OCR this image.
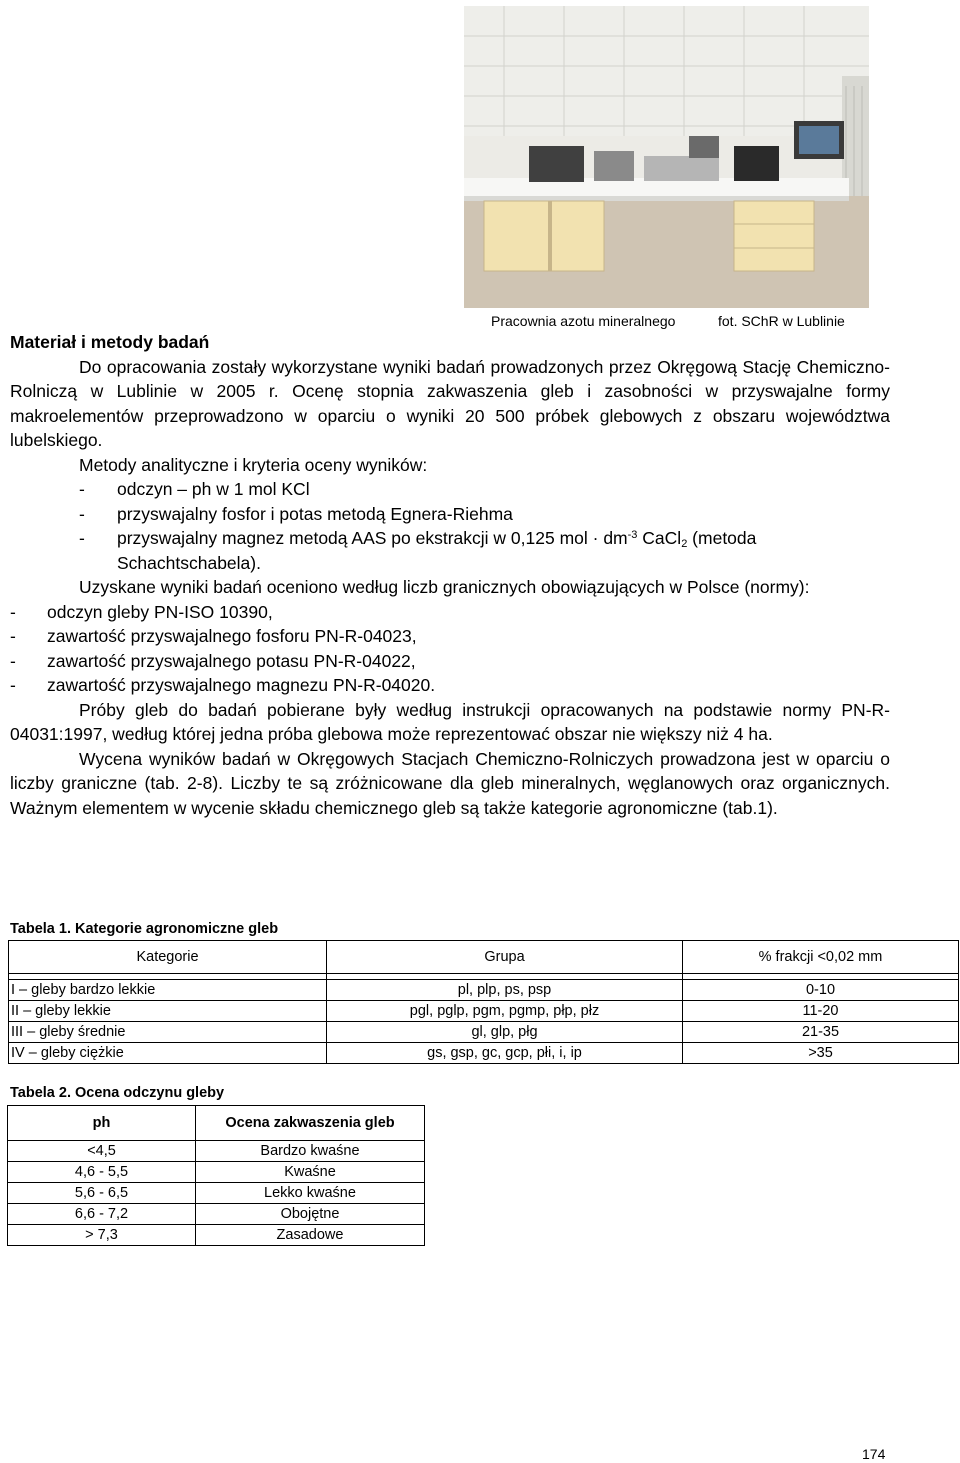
Pracownia azotu mineralnego	fot. SChR w Lublinie
Materiał i metody badań

Do opracowania zostały wykorzystane wyniki badań prowadzonych przez Okręgową Stację Chemiczno-Rolniczą w Lublinie w 2005 r. Ocenę stopnia zakwaszenia gleb i zasobności w przyswajalne formy makroelementów przeprowadzono w oparciu o wyniki 20 500 próbek glebowych z obszaru województwa lubelskiego.

Metody analityczne i kryteria oceny wyników:
-	odczyn – ph w 1 mol KCl
-	przyswajalny fosfor i potas metodą Egnera-Riehma
-	przyswajalny magnez metodą AAS po ekstrakcji w 0,125 mol · $dm^{-3}$ CaCl$_2$ (metoda Schachtschabela).

Uzyskane wyniki badań oceniono według liczb granicznych obowiązujących w Polsce (normy):

-	odczyn gleby PN-ISO 10390,
-	zawartość przyswajalnego fosforu PN-R-04023,
-	zawartość przyswajalnego potasu PN-R-04022,
-	zawartość przyswajalnego magnezu PN-R-04020.

Próby gleb do badań pobierane były według instrukcji opracowanych na podstawie normy PN-R-04031:1997, według której jedna próba glebowa może reprezentować obszar nie większy niż 4 ha.

Wycena wyników badań w Okręgowych Stacjach Chemiczno-Rolniczych prowadzona jest w oparciu o liczby graniczne (tab. 2-8). Liczby te są zróżnicowane dla gleb mineralnych, węglanowych oraz organicznych. Ważnym elementem w wycenie składu chemicznego gleb są także kategorie agronomiczne (tab.1).

Tabela 1. Kategorie agronomiczne gleb
Kategorie	Grupa	% frakcji <0,02 mm

I – gleby bardzo lekkie	pl, plp, ps, psp	0-10
II – gleby lekkie	pgl, pglp, pgm, pgmp, płp, płz	11-20
III – gleby średnie	gl, glp, płg	21-35
IV – gleby ciężkie	gs, gsp, gc, gcp, płi, i, ip	>35
Tabela 2. Ocena odczynu gleby
ph	Ocena zakwaszenia gleb
<4,5	Bardzo kwaśne
4,6 - 5,5	Kwaśne
5,6 - 6,5	Lekko kwaśne
6,6 - 7,2	Obojętne
> 7,3	Zasadowe
174
